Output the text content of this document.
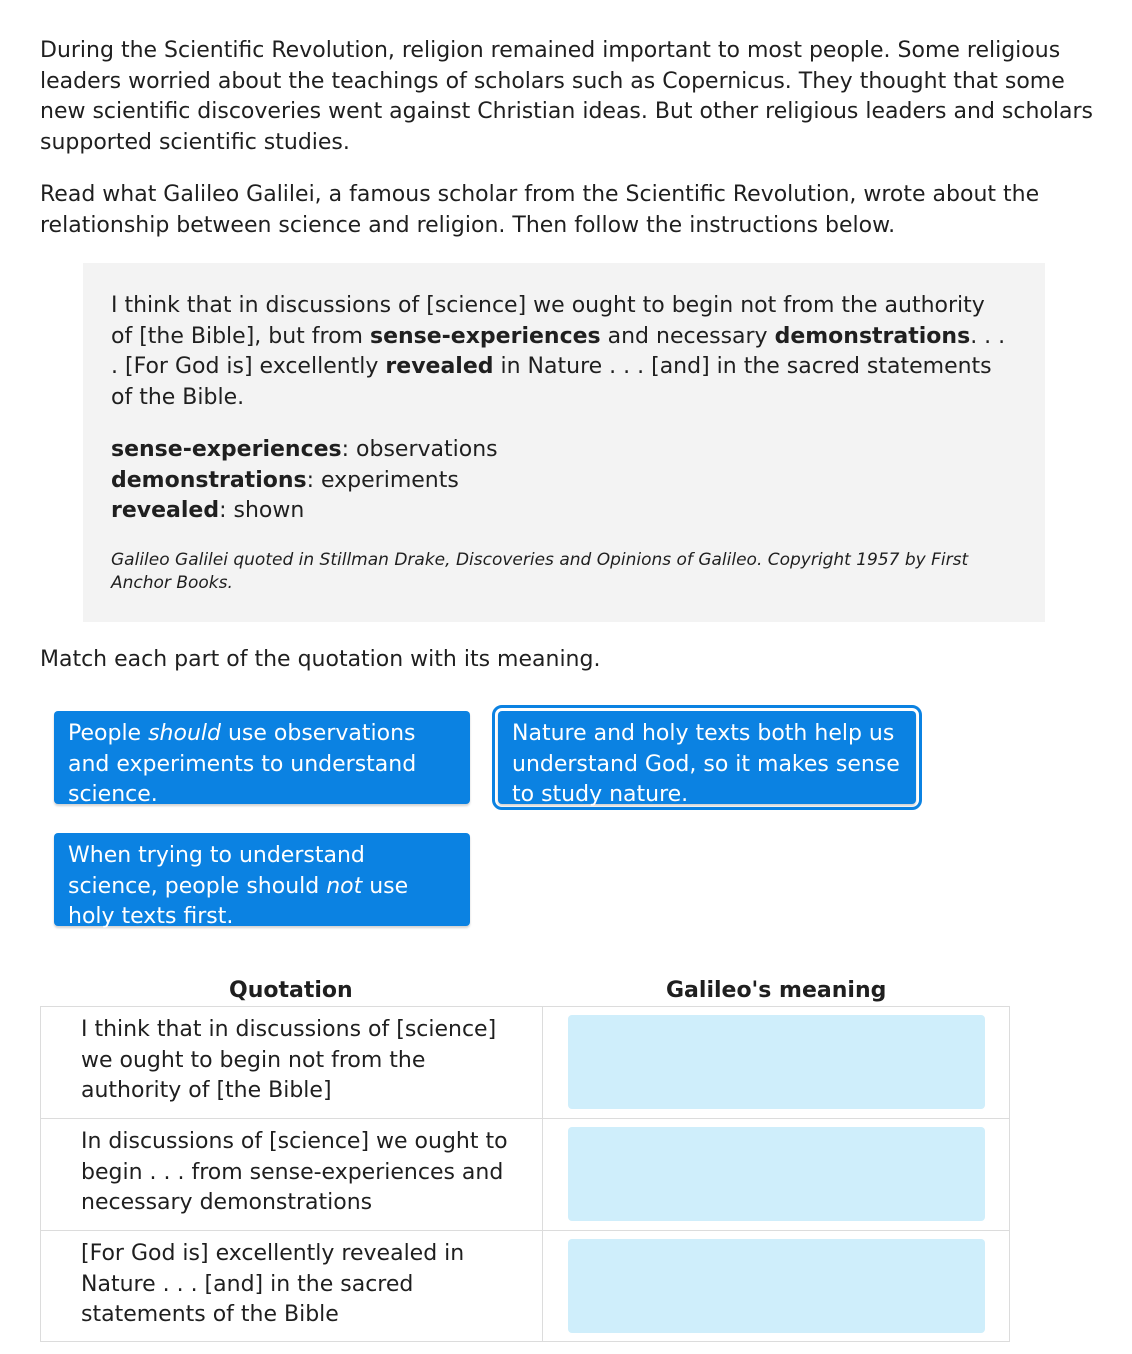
During the Scientific Revolution, religion remained important to most people. Some religious leaders worried about the teachings of scholars such as Copernicus. They thought that some new scientific discoveries went against Christian ideas. But other religious leaders and scholars supported scientific studies.

Read what Galileo Galilei, a famous scholar from the Scientific Revolution, wrote about the relationship between science and religion. Then follow the instructions below.

I think that in discussions of [science] we ought to begin not from the authority of [the Bible], but from sense-experiences and necessary demonstrations. . . . [For God is] excellently revealed in Nature . . . [and] in the sacred statements of the Bible.

sense-experiences: observations
demonstrations: experiments
revealed: shown
Galileo Galilei quoted in Stillman Drake, Discoveries and Opinions of Galileo. Copyright 1957 by First Anchor Books.
Match each part of the quotation with its meaning.
People should use observations and experiments to understand science.
Nature and holy texts both help us understand God, so it makes sense to study nature.
When trying to understand science, people should not use holy texts first.
Quotation	Galileo's meaning
I think that in discussions of [science] we ought to begin not from the authority of [the Bible]
In discussions of [science] we ought to begin . . . from sense-experiences and necessary demonstrations
[For God is] excellently revealed in Nature . . . [and] in the sacred statements of the Bible
